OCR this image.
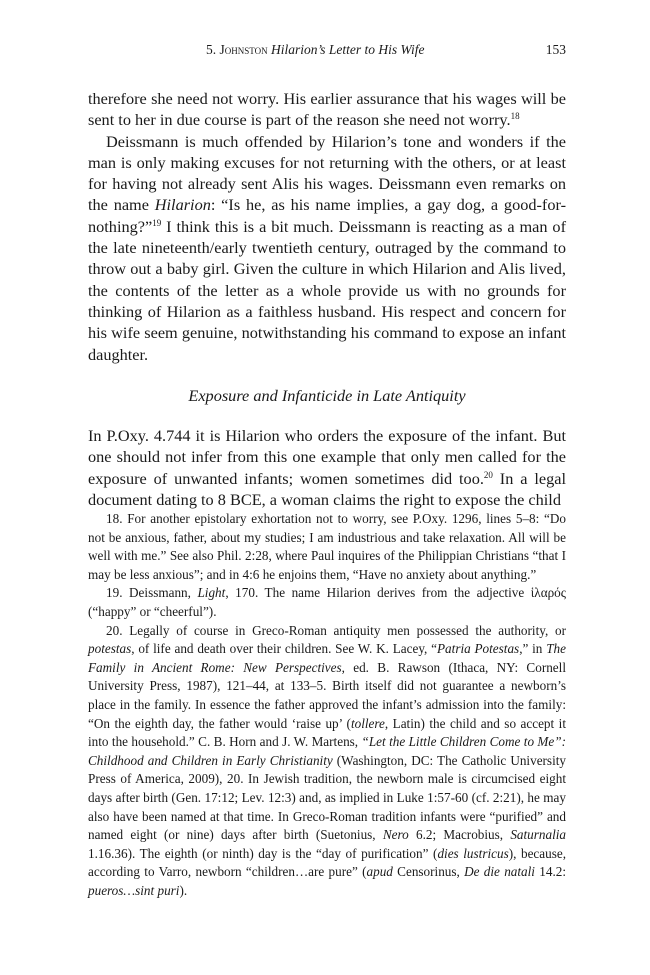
5. Johnston Hilarion’s Letter to His Wife	153

therefore she need not worry. His earlier assurance that his wages will be sent to her in due course is part of the reason she need not worry.$^{18}$

Deissmann is much offended by Hilarion’s tone and wonders if the man is only making excuses for not returning with the others, or at least for having not already sent Alis his wages. Deissmann even remarks on the name Hilarion: “Is he, as his name implies, a gay dog, a good-for-nothing?”$^{19}$ I think this is a bit much. Deissmann is reacting as a man of the late nineteenth/early twentieth century, outraged by the command to throw out a baby girl. Given the culture in which Hilarion and Alis lived, the contents of the letter as a whole provide us with no grounds for thinking of Hilarion as a faithless husband. His respect and concern for his wife seem genuine, notwithstanding his command to expose an infant daughter.

Exposure and Infanticide in Late Antiquity

In P.Oxy. 4.744 it is Hilarion who orders the exposure of the infant. But one should not infer from this one example that only men called for the exposure of unwanted infants; women sometimes did too.$^{20}$ In a legal document dating to 8 BCE, a woman claims the right to expose the child

18. For another epistolary exhortation not to worry, see P.Oxy. 1296, lines 5–8: “Do not be anxious, father, about my studies; I am industrious and take relaxation. All will be well with me.” See also Phil. 2:28, where Paul inquires of the Philippian Christians “that I may be less anxious”; and in 4:6 he enjoins them, “Have no anxiety about anything.”

19. Deissmann, Light, 170. The name Hilarion derives from the adjective ἱλαρός (“happy” or “cheerful”).

20. Legally of course in Greco-Roman antiquity men possessed the authority, or potestas, of life and death over their children. See W. K. Lacey, “Patria Potestas,” in The Family in Ancient Rome: New Perspectives, ed. B. Rawson (Ithaca, NY: Cornell University Press, 1987), 121–44, at 133–5. Birth itself did not guarantee a newborn’s place in the family. In essence the father approved the infant’s admission into the family: “On the eighth day, the father would ‘raise up’ (tollere, Latin) the child and so accept it into the household.” C. B. Horn and J. W. Martens, “Let the Little Children Come to Me”: Childhood and Children in Early Christianity (Washington, DC: The Catholic University Press of America, 2009), 20. In Jewish tradition, the newborn male is circumcised eight days after birth (Gen. 17:12; Lev. 12:3) and, as implied in Luke 1:57-60 (cf. 2:21), he may also have been named at that time. In Greco-Roman tradition infants were “purified” and named eight (or nine) days after birth (Suetonius, Nero 6.2; Macrobius, Saturnalia 1.16.36). The eighth (or ninth) day is the “day of purification” (dies lustricus), because, according to Varro, newborn “children…are pure” (apud Censorinus, De die natali 14.2: pueros…sint puri).
